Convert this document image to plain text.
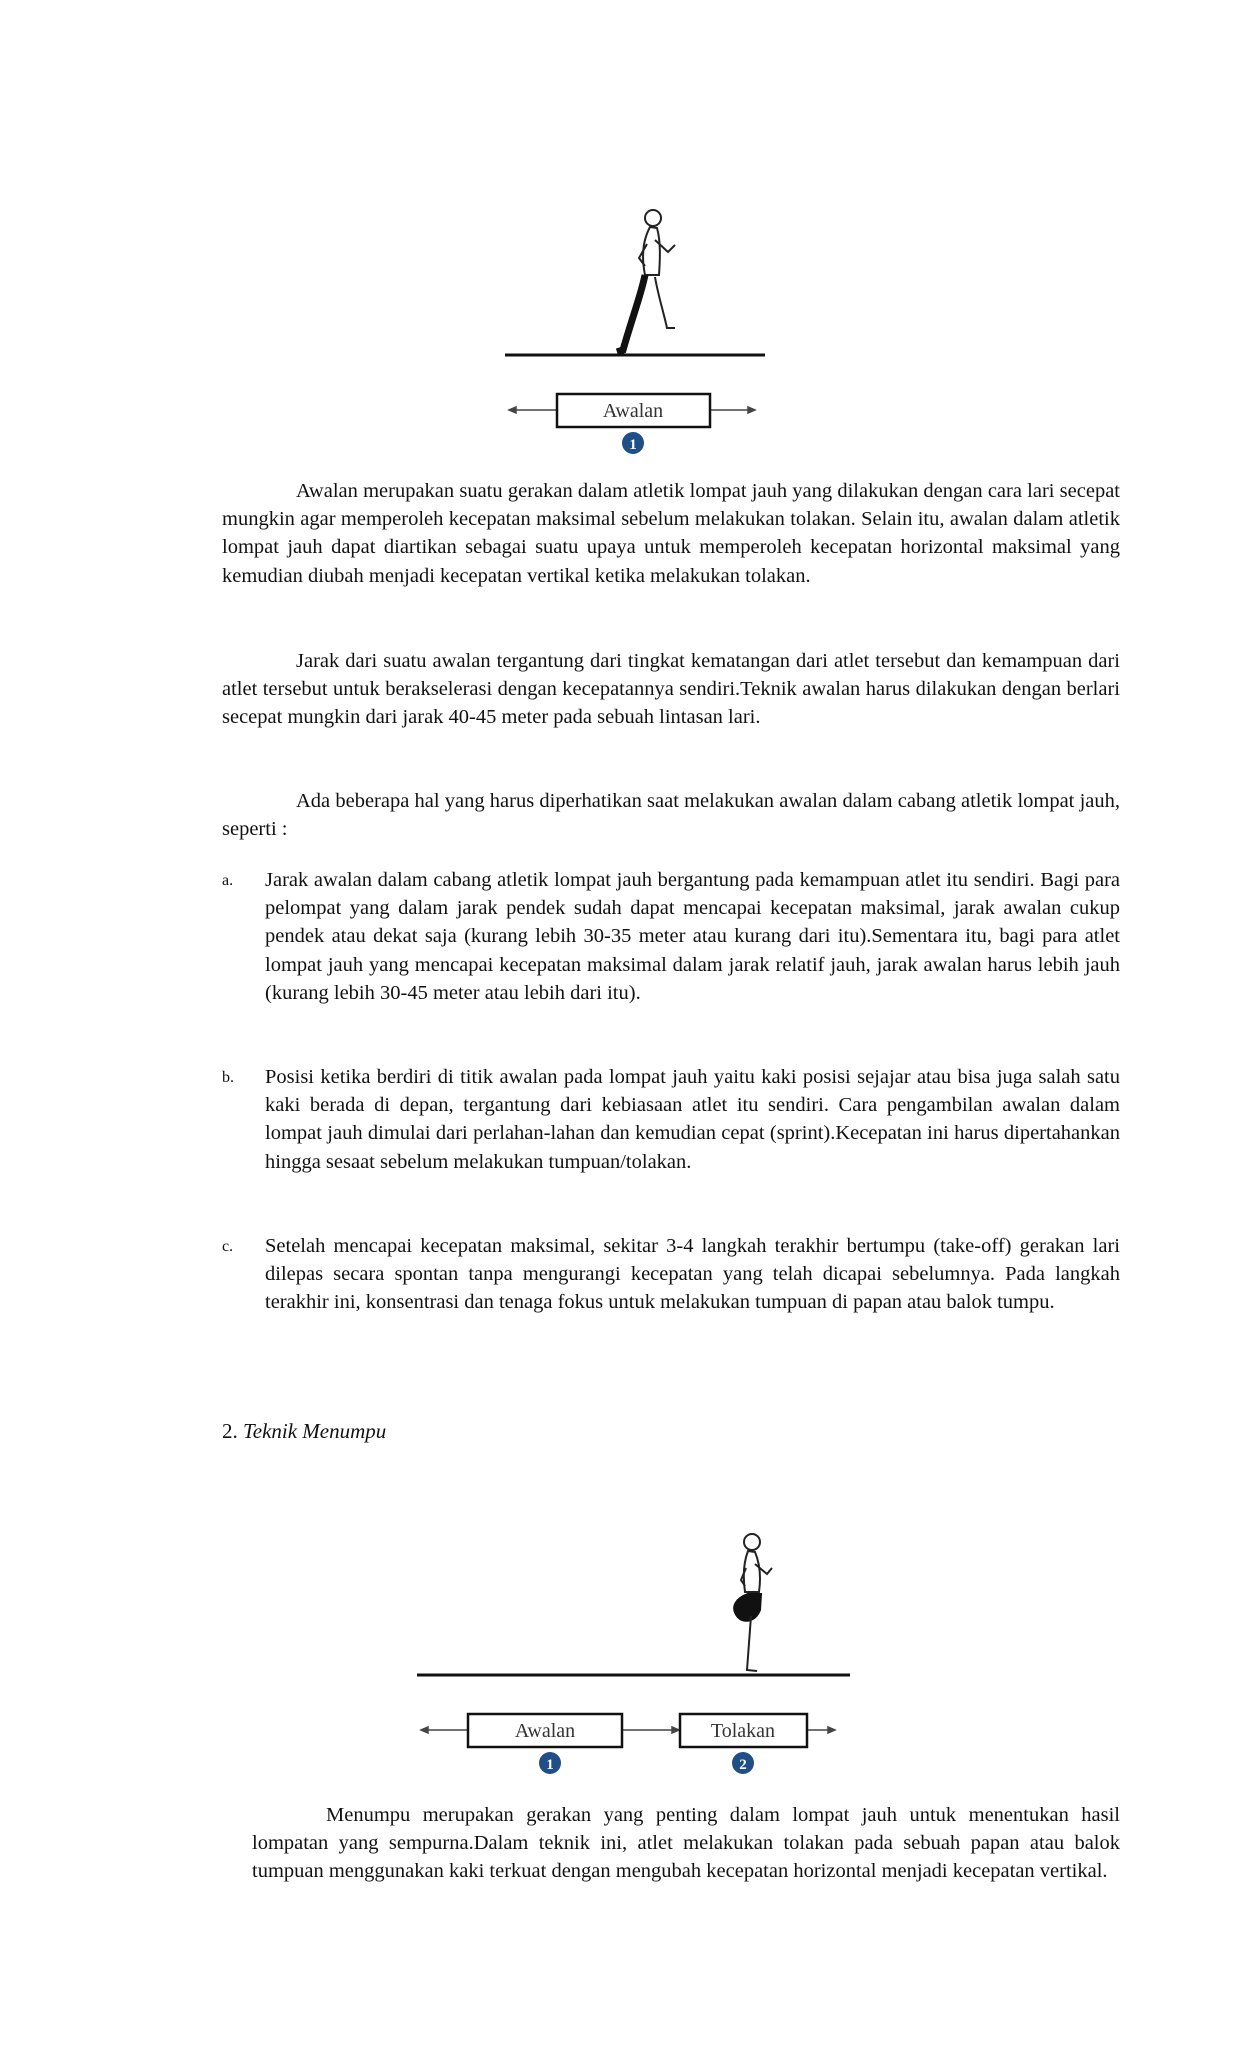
Awalan
1

Awalan merupakan suatu gerakan dalam atletik lompat jauh yang dilakukan dengan cara lari secepat mungkin agar memperoleh kecepatan maksimal sebelum melakukan tolakan. Selain itu, awalan dalam atletik lompat jauh dapat diartikan sebagai suatu upaya untuk memperoleh kecepatan horizontal maksimal yang kemudian diubah menjadi kecepatan vertikal ketika melakukan tolakan.

Jarak dari suatu awalan tergantung dari tingkat kematangan dari atlet tersebut dan kemampuan dari atlet tersebut untuk berakselerasi dengan kecepatannya sendiri.Teknik awalan harus dilakukan dengan berlari secepat mungkin dari jarak 40-45 meter pada sebuah lintasan lari.

Ada beberapa hal yang harus diperhatikan saat melakukan awalan dalam cabang atletik lompat jauh, seperti :

a. Jarak awalan dalam cabang atletik lompat jauh bergantung pada kemampuan atlet itu sendiri. Bagi para pelompat yang dalam jarak pendek sudah dapat mencapai kecepatan maksimal, jarak awalan cukup pendek atau dekat saja (kurang lebih 30-35 meter atau kurang dari itu).Sementara itu, bagi para atlet lompat jauh yang mencapai kecepatan maksimal dalam jarak relatif jauh, jarak awalan harus lebih jauh (kurang lebih 30-45 meter atau lebih dari itu).

b. Posisi ketika berdiri di titik awalan pada lompat jauh yaitu kaki posisi sejajar atau bisa juga salah satu kaki berada di depan, tergantung dari kebiasaan atlet itu sendiri. Cara pengambilan awalan dalam lompat jauh dimulai dari perlahan-lahan dan kemudian cepat (sprint).Kecepatan ini harus dipertahankan hingga sesaat sebelum melakukan tumpuan/tolakan.

c. Setelah mencapai kecepatan maksimal, sekitar 3-4 langkah terakhir bertumpu (take-off) gerakan lari dilepas secara spontan tanpa mengurangi kecepatan yang telah dicapai sebelumnya. Pada langkah terakhir ini, konsentrasi dan tenaga fokus untuk melakukan tumpuan di papan atau balok tumpu.

2. Teknik Menumpu
Awalan	Tolakan
1	2

Menumpu merupakan gerakan yang penting dalam lompat jauh untuk menentukan hasil lompatan yang sempurna.Dalam teknik ini, atlet melakukan tolakan pada sebuah papan atau balok tumpuan menggunakan kaki terkuat dengan mengubah kecepatan horizontal menjadi kecepatan vertikal.
